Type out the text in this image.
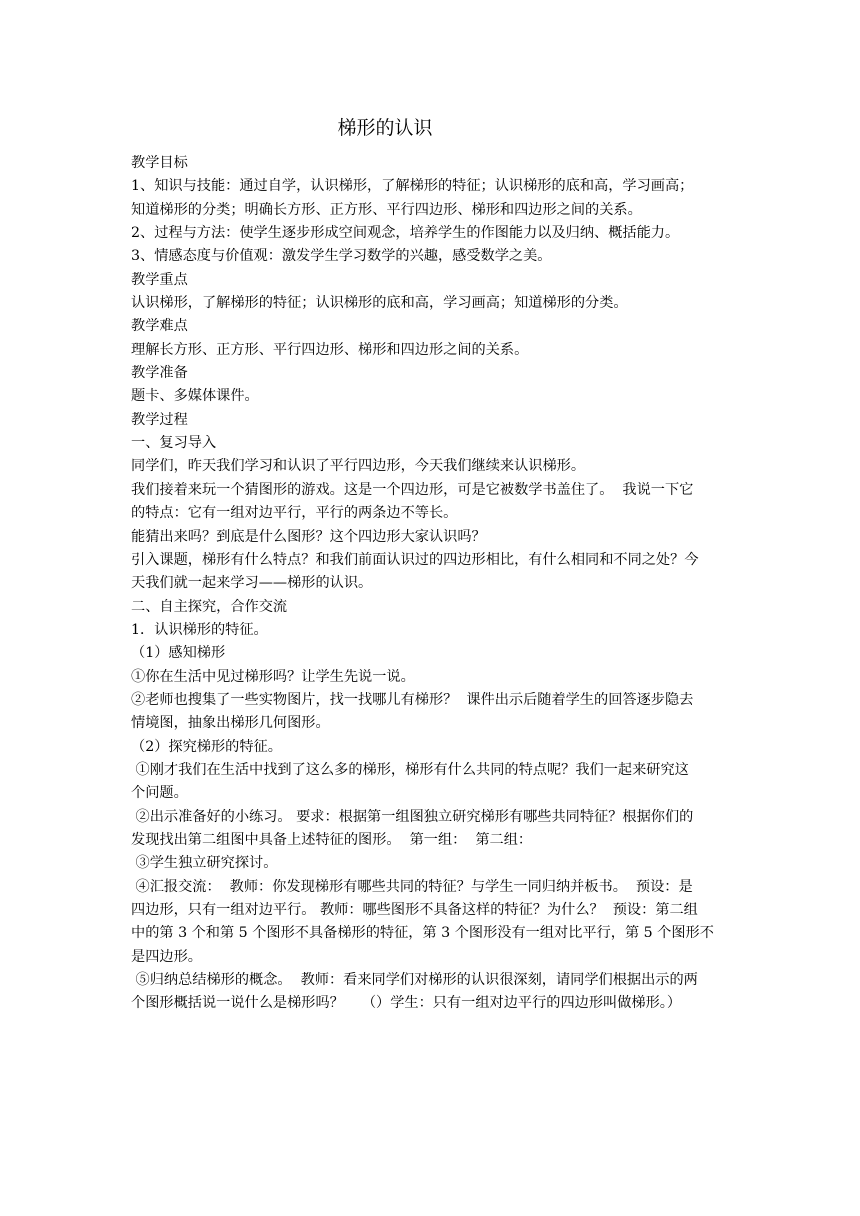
梯形的认识
教学目标
1、知识与技能：通过自学，认识梯形，了解梯形的特征；认识梯形的底和高，学习画高；
知道梯形的分类；明确长方形、正方形、平行四边形、梯形和四边形之间的关系。
2、过程与方法：使学生逐步形成空间观念，培养学生的作图能力以及归纳、概括能力。
3、情感态度与价值观：激发学生学习数学的兴趣，感受数学之美。
教学重点
认识梯形，了解梯形的特征；认识梯形的底和高，学习画高；知道梯形的分类。
教学难点
理解长方形、正方形、平行四边形、梯形和四边形之间的关系。
教学准备
题卡、多媒体课件。
教学过程
一、复习导入
同学们，昨天我们学习和认识了平行四边形，今天我们继续来认识梯形。
我们接着来玩一个猜图形的游戏。这是一个四边形，可是它被数学书盖住了。  我说一下它
的特点：它有一组对边平行，平行的两条边不等长。
能猜出来吗？到底是什么图形？这个四边形大家认识吗？
引入课题，梯形有什么特点？和我们前面认识过的四边形相比，有什么相同和不同之处？今
天我们就一起来学习——梯形的认识。
二、自主探究，合作交流
1．认识梯形的特征。
（1）感知梯形
①你在生活中见过梯形吗？让学生先说一说。
②老师也搜集了一些实物图片，找一找哪儿有梯形？  课件出示后随着学生的回答逐步隐去
情境图，抽象出梯形几何图形。
（2）探究梯形的特征。
①刚才我们在生活中找到了这么多的梯形，梯形有什么共同的特点呢？我们一起来研究这
个问题。
②出示准备好的小练习。 要求：根据第一组图独立研究梯形有哪些共同特征？根据你们的
发现找出第二组图中具备上述特征的图形。  第一组：  第二组：
③学生独立研究探讨。
④汇报交流：  教师：你发现梯形有哪些共同的特征？与学生一同归纳并板书。  预设：是
四边形，只有一组对边平行。 教师：哪些图形不具备这样的特征？为什么？  预设：第二组
中的第 3 个和第 5 个图形不具备梯形的特征，第 3 个图形没有一组对比平行，第 5 个图形不
是四边形。
⑤归纳总结梯形的概念。  教师：看来同学们对梯形的认识很深刻，请同学们根据出示的两
个图形概括说一说什么是梯形吗？    （）学生：只有一组对边平行的四边形叫做梯形。）
